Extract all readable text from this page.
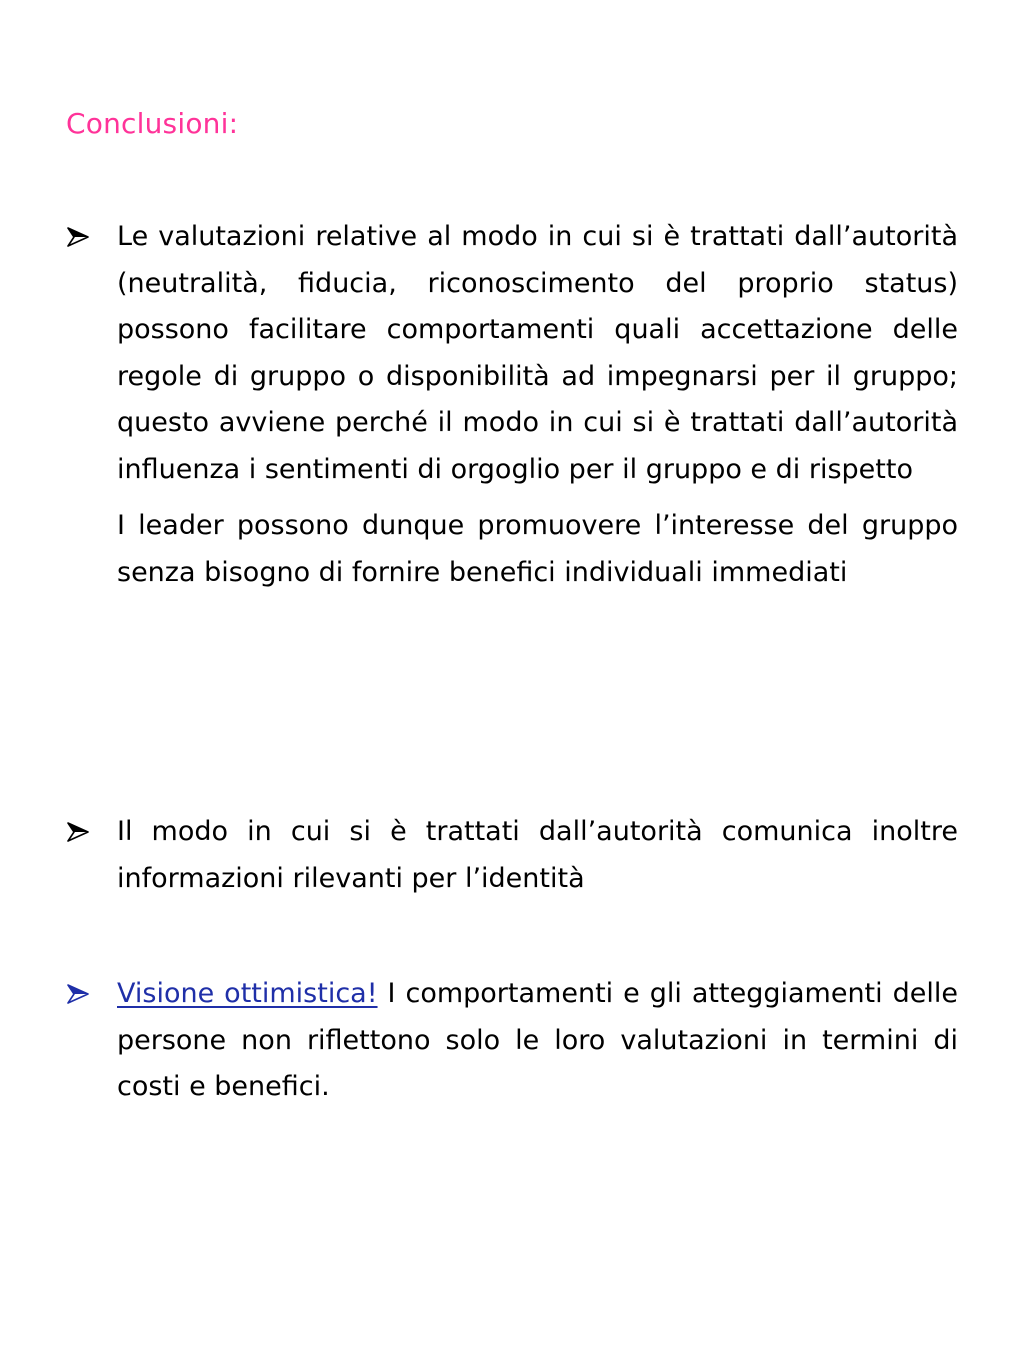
Conclusioni:

Le valutazioni relative al modo in cui si è trattati dall’autorità (neutralità, fiducia, riconoscimento del proprio status) possono facilitare comportamenti quali accettazione delle regole di gruppo o disponibilità ad impegnarsi per il gruppo; questo avviene perché il modo in cui si è trattati dall’autorità influenza i sentimenti di orgoglio per il gruppo e di rispetto

I leader possono dunque promuovere l’interesse del gruppo senza bisogno di fornire benefici individuali immediati

Il modo in cui si è trattati dall’autorità comunica inoltre informazioni rilevanti per l’identità

Visione ottimistica! I comportamenti e gli atteggiamenti delle persone non riflettono solo le loro valutazioni in termini di costi e benefici.
